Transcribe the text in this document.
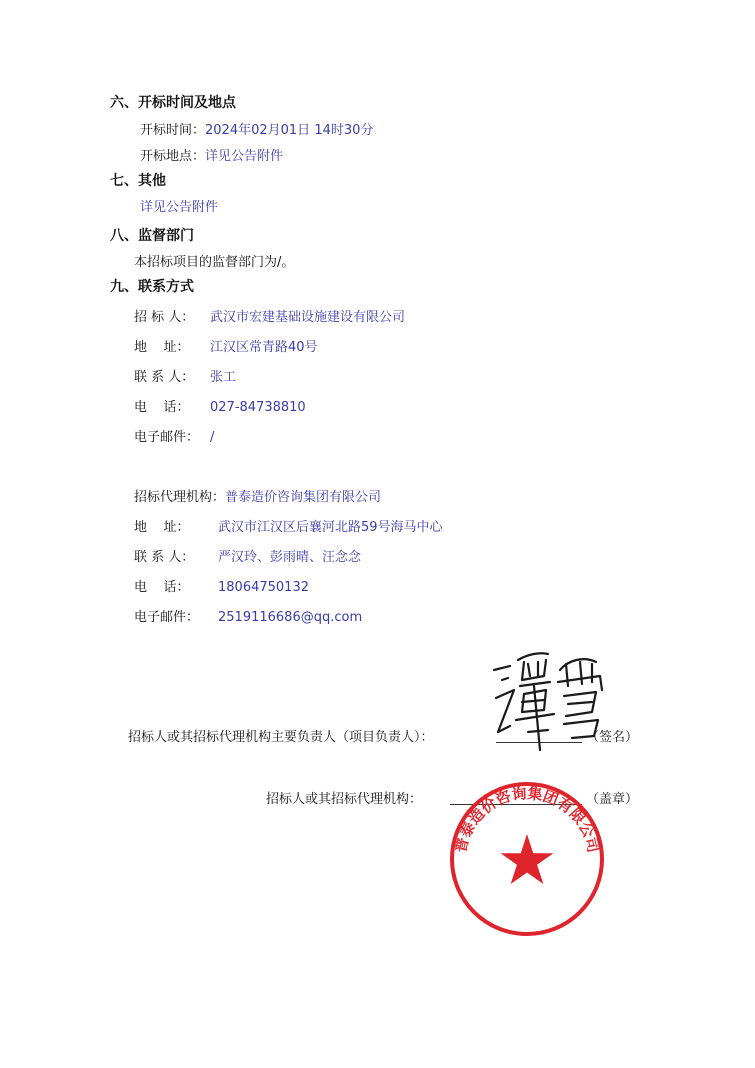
六、开标时间及地点
开标时间：2024年02月01日 14时30分
开标地点：详见公告附件
七、其他
详见公告附件
八、监督部门
本招标项目的监督部门为/。
九、联系方式
招 标 人： 武汉市宏建基础设施建设有限公司
地    址： 江汉区常青路40号
联 系 人： 张工
电    话： 027-84738810
电子邮件： /
招标代理机构：普泰造价咨询集团有限公司
地    址： 武汉市江汉区后襄河北路59号海马中心
联 系 人： 严汉玲、彭雨晴、汪念念
电    话： 18064750132
电子邮件： 2519116686@qq.com
招标人或其招标代理机构主要负责人（项目负责人）：	（签名）
招标人或其招标代理机构：	（盖章）
普泰造价咨询集团有限公司
